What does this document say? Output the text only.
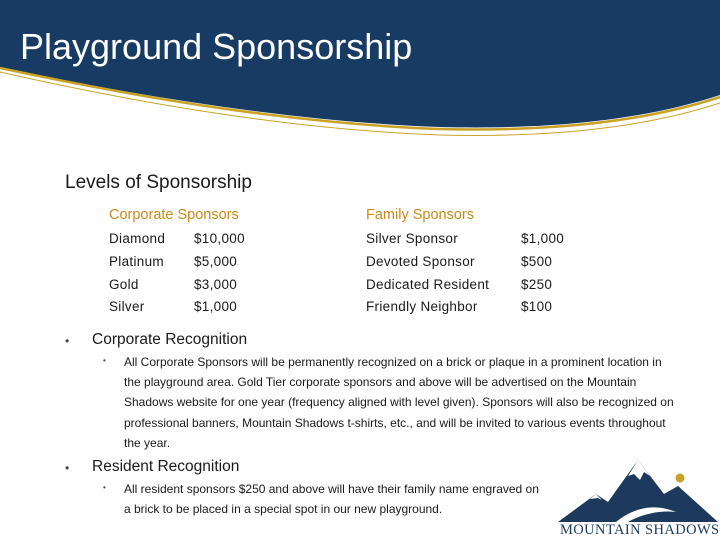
Playground Sponsorship
Levels of Sponsorship
Corporate Sponsors	Family Sponsors
Diamond $10,000
Platinum $5,000
Gold	$3,000
Silver	$1,000
Silver Sponsor	$1,000
Devoted Sponsor	$500
Dedicated Resident $250
Friendly Neighbor	$100
• Corporate Recognition
• All Corporate Sponsors will be permanently recognized on a brick or plaque in a prominent location in the playground area. Gold Tier corporate sponsors and above will be advertised on the Mountain Shadows website for one year (frequency aligned with level given). Sponsors will also be recognized on professional banners, Mountain Shadows t-shirts, etc., and will be invited to various events throughout the year.
• Resident Recognition
• All resident sponsors $250 and above will have their family name engraved on a brick to be placed in a special spot in our new playground.
MOUNTAIN SHADOWS
